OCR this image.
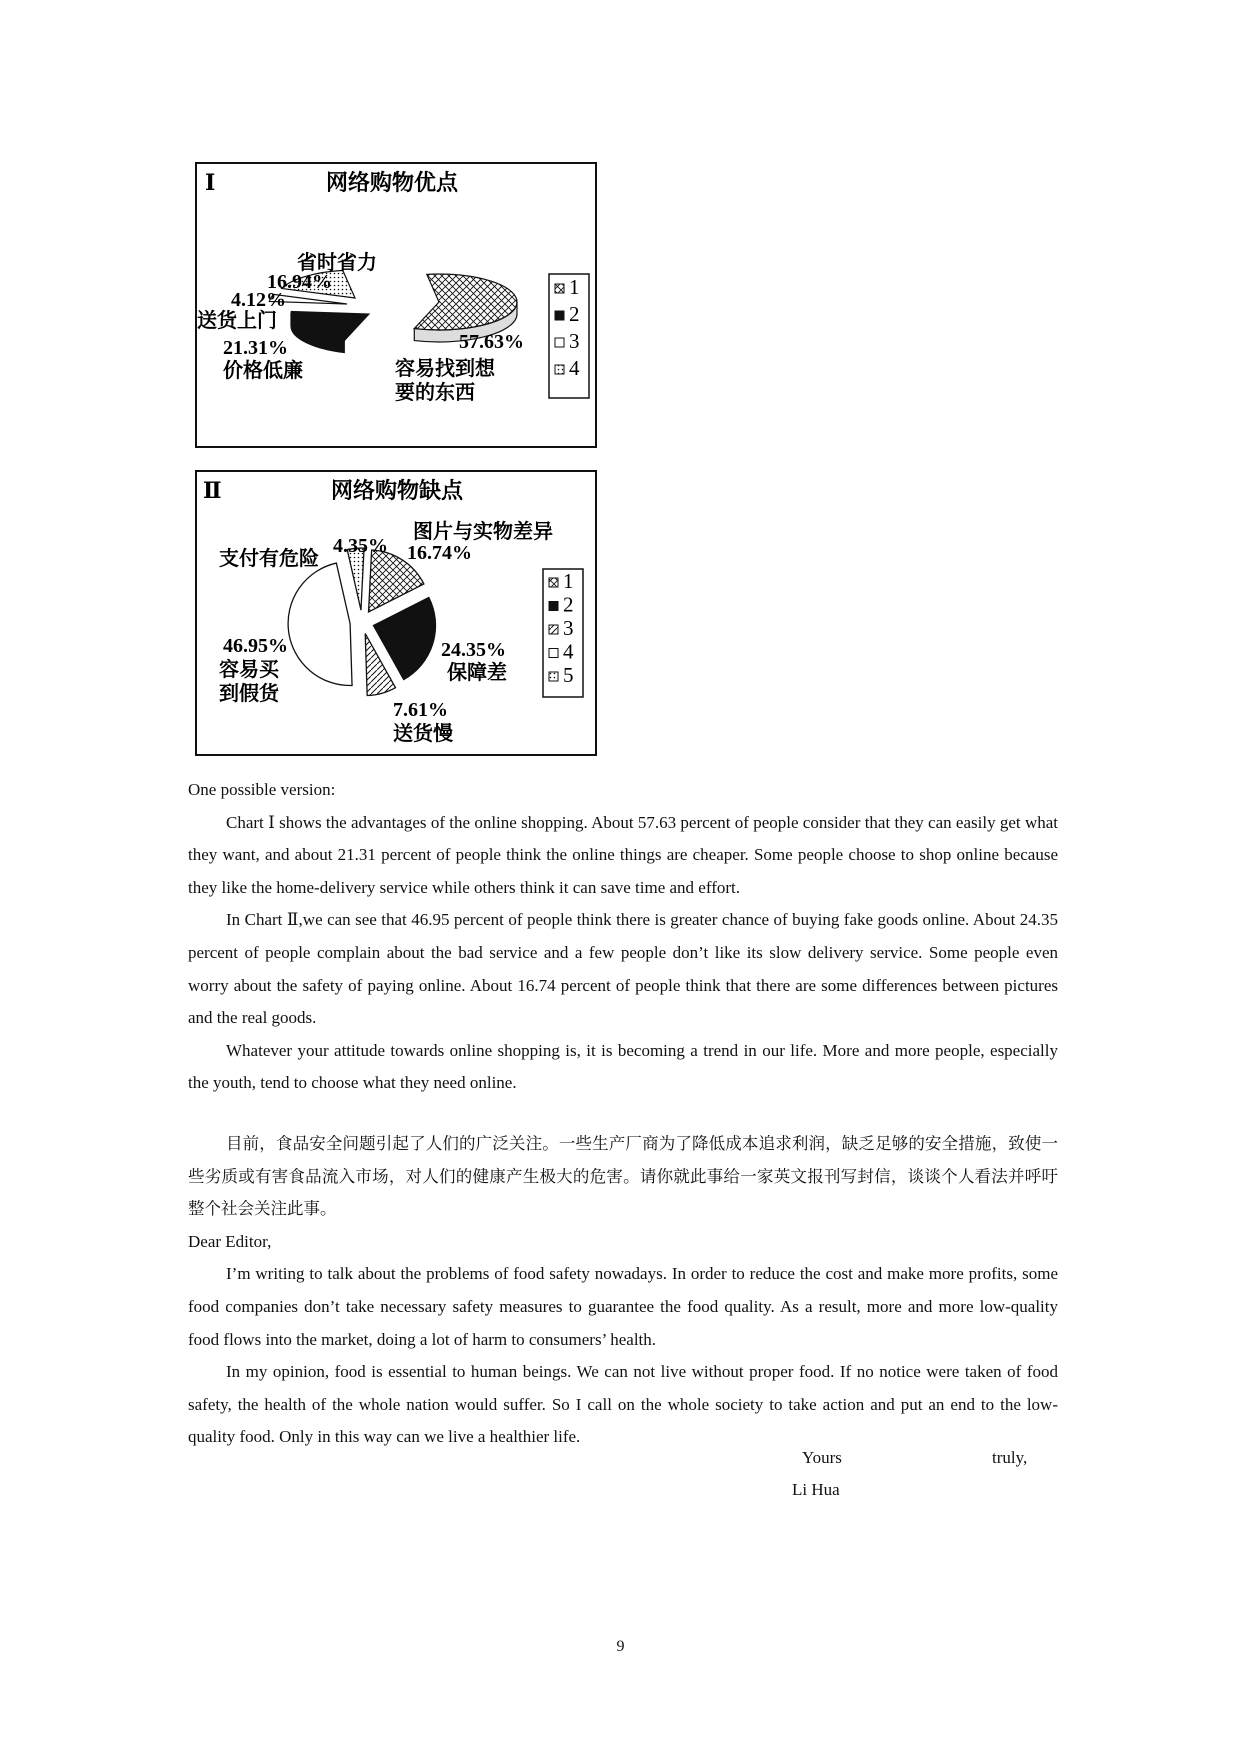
Ⅰ	网络购物优点
省时省力
16.94%
4.12%
送货上门
21.31%
价格低廉
57.63%
容易找到想
要的东西
1
2
3
4
Ⅱ	网络购物缺点
图片与实物差异
16.74%
4.35%
支付有危险
24.35%
保障差
46.95%
容易买
到假货
7.61%
送货慢
1
2
3
4
5

One possible version:

Chart Ⅰ shows the advantages of the online shopping. About 57.63 percent of people consider that they can easily get what they want, and about 21.31 percent of people think the online things are cheaper. Some people choose to shop online because they like the home-delivery service while others think it can save time and effort.

In Chart Ⅱ,we can see that 46.95 percent of people think there is greater chance of buying fake goods online. About 24.35 percent of people complain about the bad service and a few people don’t like its slow delivery service. Some people even worry about the safety of paying online. About 16.74 percent of people think that there are some differences between pictures and the real goods.

Whatever your attitude towards online shopping is, it is becoming a trend in our life. More and more people, especially the youth, tend to choose what they need online.

目前，食品安全问题引起了人们的广泛关注。一些生产厂商为了降低成本追求利润，缺乏足够的安全措施，致使一些劣质或有害食品流入市场，对人们的健康产生极大的危害。请你就此事给一家英文报刊写封信，谈谈个人看法并呼吁整个社会关注此事。

Dear Editor,

I’m writing to talk about the problems of food safety nowadays. In order to reduce the cost and make more profits, some food companies don’t take necessary safety measures to guarantee the food quality. As a result, more and more low-quality food flows into the market, doing a lot of harm to consumers’ health.

In my opinion, food is essential to human beings. We can not live without proper food. If no notice were taken of food safety, the health of the whole nation would suffer. So I call on the whole society to take action and put an end to the low-quality food. Only in this way can we live a healthier life.

Yours	truly,
Li Hua
9
